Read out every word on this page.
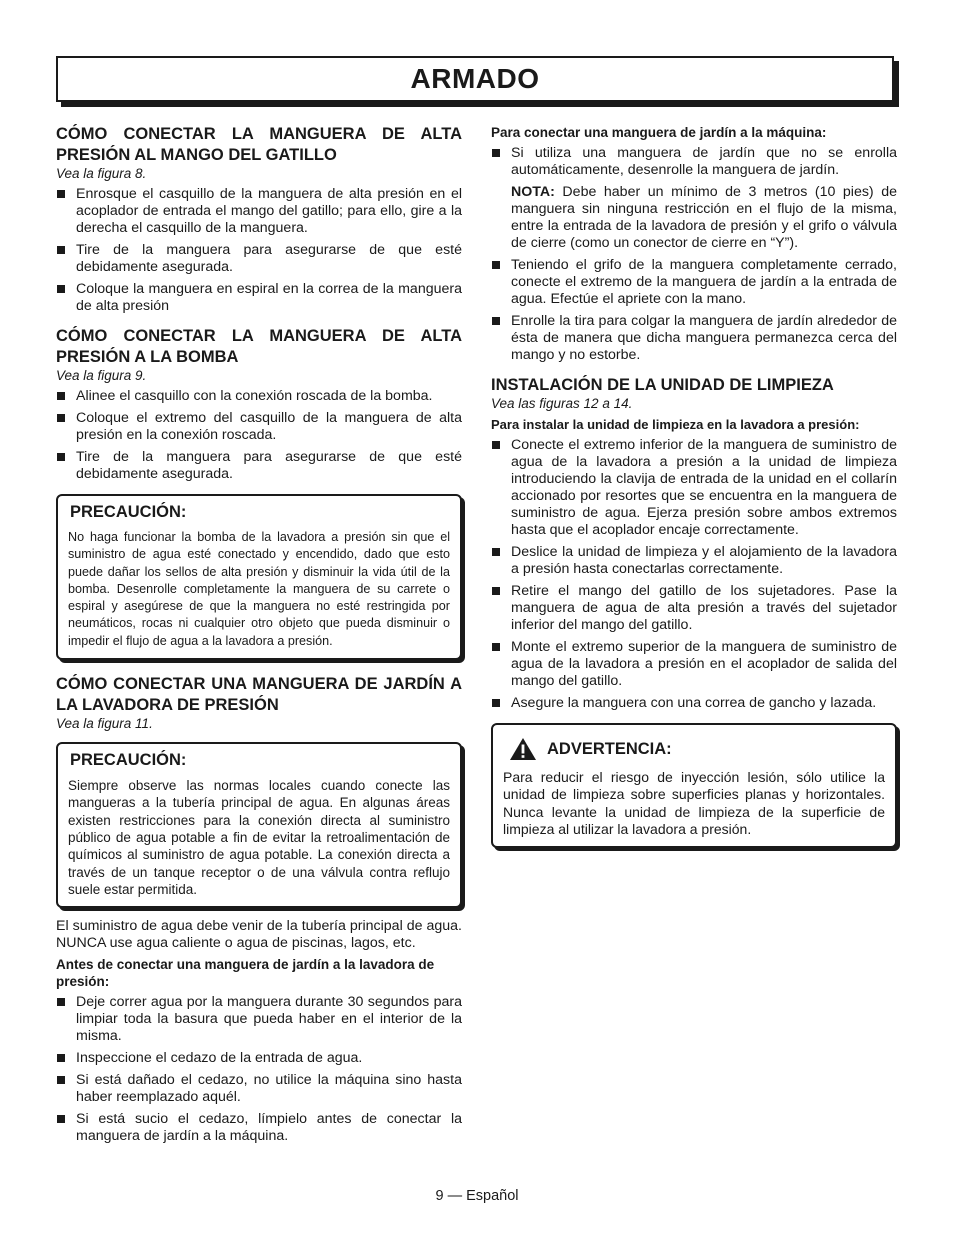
ARMADO
CÓMO CONECTAR LA MANGUERA DE ALTA PRESIÓN AL MANGO DEL GATILLO

Vea la figura 8.

Enrosque el casquillo de la manguera de alta presión en el acoplador de entrada el mango del gatillo; para ello, gire a la derecha el casquillo de la manguera.
Tire de la manguera para asegurarse de que esté debidamente asegurada.
Coloque la manguera en espiral en la correa de la manguera de alta presión
CÓMO CONECTAR LA MANGUERA DE ALTA PRESIÓN A LA BOMBA

Vea la figura 9.

Alinee el casquillo con la conexión roscada de la bomba.
Coloque el extremo del casquillo de la manguera de alta presión en la conexión roscada.
Tire de la manguera para asegurarse de que esté debidamente asegurada.
PRECAUCIÓN:

No haga funcionar la bomba de la lavadora a presión sin que el suministro de agua esté conectado y encendido, dado que esto puede dañar los sellos de alta presión y disminuir la vida útil de la bomba. Desenrolle completamente la manguera de su carrete o espiral y asegúrese de que la manguera no esté restringida por neumáticos, rocas ni cualquier otro objeto que pueda disminuir o impedir el flujo de agua a la lavadora a presión.

CÓMO CONECTAR UNA MANGUERA DE JARDÍN A LA LAVADORA DE PRESIÓN

Vea la figura 11.

PRECAUCIÓN:

Siempre observe las normas locales cuando conecte las mangueras a la tubería principal de agua. En algunas áreas existen restricciones para la conexión directa al suministro público de agua potable a fin de evitar la retroalimentación de químicos al suministro de agua potable. La conexión directa a través de un tanque receptor o de una válvula contra reflujo suele estar permitida.

El suministro de agua debe venir de la tubería principal de agua. NUNCA use agua caliente o agua de piscinas, lagos, etc.

Antes de conectar una manguera de jardín a la lavadora de presión:

Deje correr agua por la manguera durante 30 segundos para limpiar toda la basura que pueda haber en el interior de la misma.
Inspeccione el cedazo de la entrada de agua.
Si está dañado el cedazo, no utilice la máquina sino hasta haber reemplazado aquél.
Si está sucio el cedazo, límpielo antes de conectar la manguera de jardín a la máquina.

Para conectar una manguera de jardín a la máquina:

Si utiliza una manguera de jardín que no se enrolla automáticamente, desenrolle la manguera de jardín.

NOTA: Debe haber un mínimo de 3 metros (10 pies) de manguera sin ninguna restricción en el flujo de la misma, entre la entrada de la lavadora de presión y el grifo o válvula de cierre (como un conector de cierre en “Y”).

Teniendo el grifo de la manguera completamente cerrado, conecte el extremo de la manguera de jardín a la entrada de agua. Efectúe el apriete con la mano.
Enrolle la tira para colgar la manguera de jardín alrededor de ésta de manera que dicha manguera permanezca cerca del mango y no estorbe.
INSTALACIÓN DE LA UNIDAD DE LIMPIEZA

Vea las figuras 12 a 14.

Para instalar la unidad de limpieza en la lavadora a presión:

Conecte el extremo inferior de la manguera de suministro de agua de la lavadora a presión a la unidad de limpieza introduciendo la clavija de entrada de la unidad en el collarín accionado por resortes que se encuentra en la manguera de suministro de agua. Ejerza presión sobre ambos extremos hasta que el acoplador encaje correctamente.
Deslice la unidad de limpieza y el alojamiento de la lavadora a presión hasta conectarlas correctamente.
Retire el mango del gatillo de los sujetadores. Pase la manguera de agua de alta presión a través del sujetador inferior del mango del gatillo.
Monte el extremo superior de la manguera de suministro de agua de la lavadora a presión en el acoplador de salida del mango del gatillo.
Asegure la manguera con una correa de gancho y lazada.
ADVERTENCIA:

Para reducir el riesgo de inyección lesión, sólo utilice la unidad de limpieza sobre superficies planas y horizontales. Nunca levante la unidad de limpieza de la superficie de limpieza al utilizar la lavadora a presión.

9 — Español
